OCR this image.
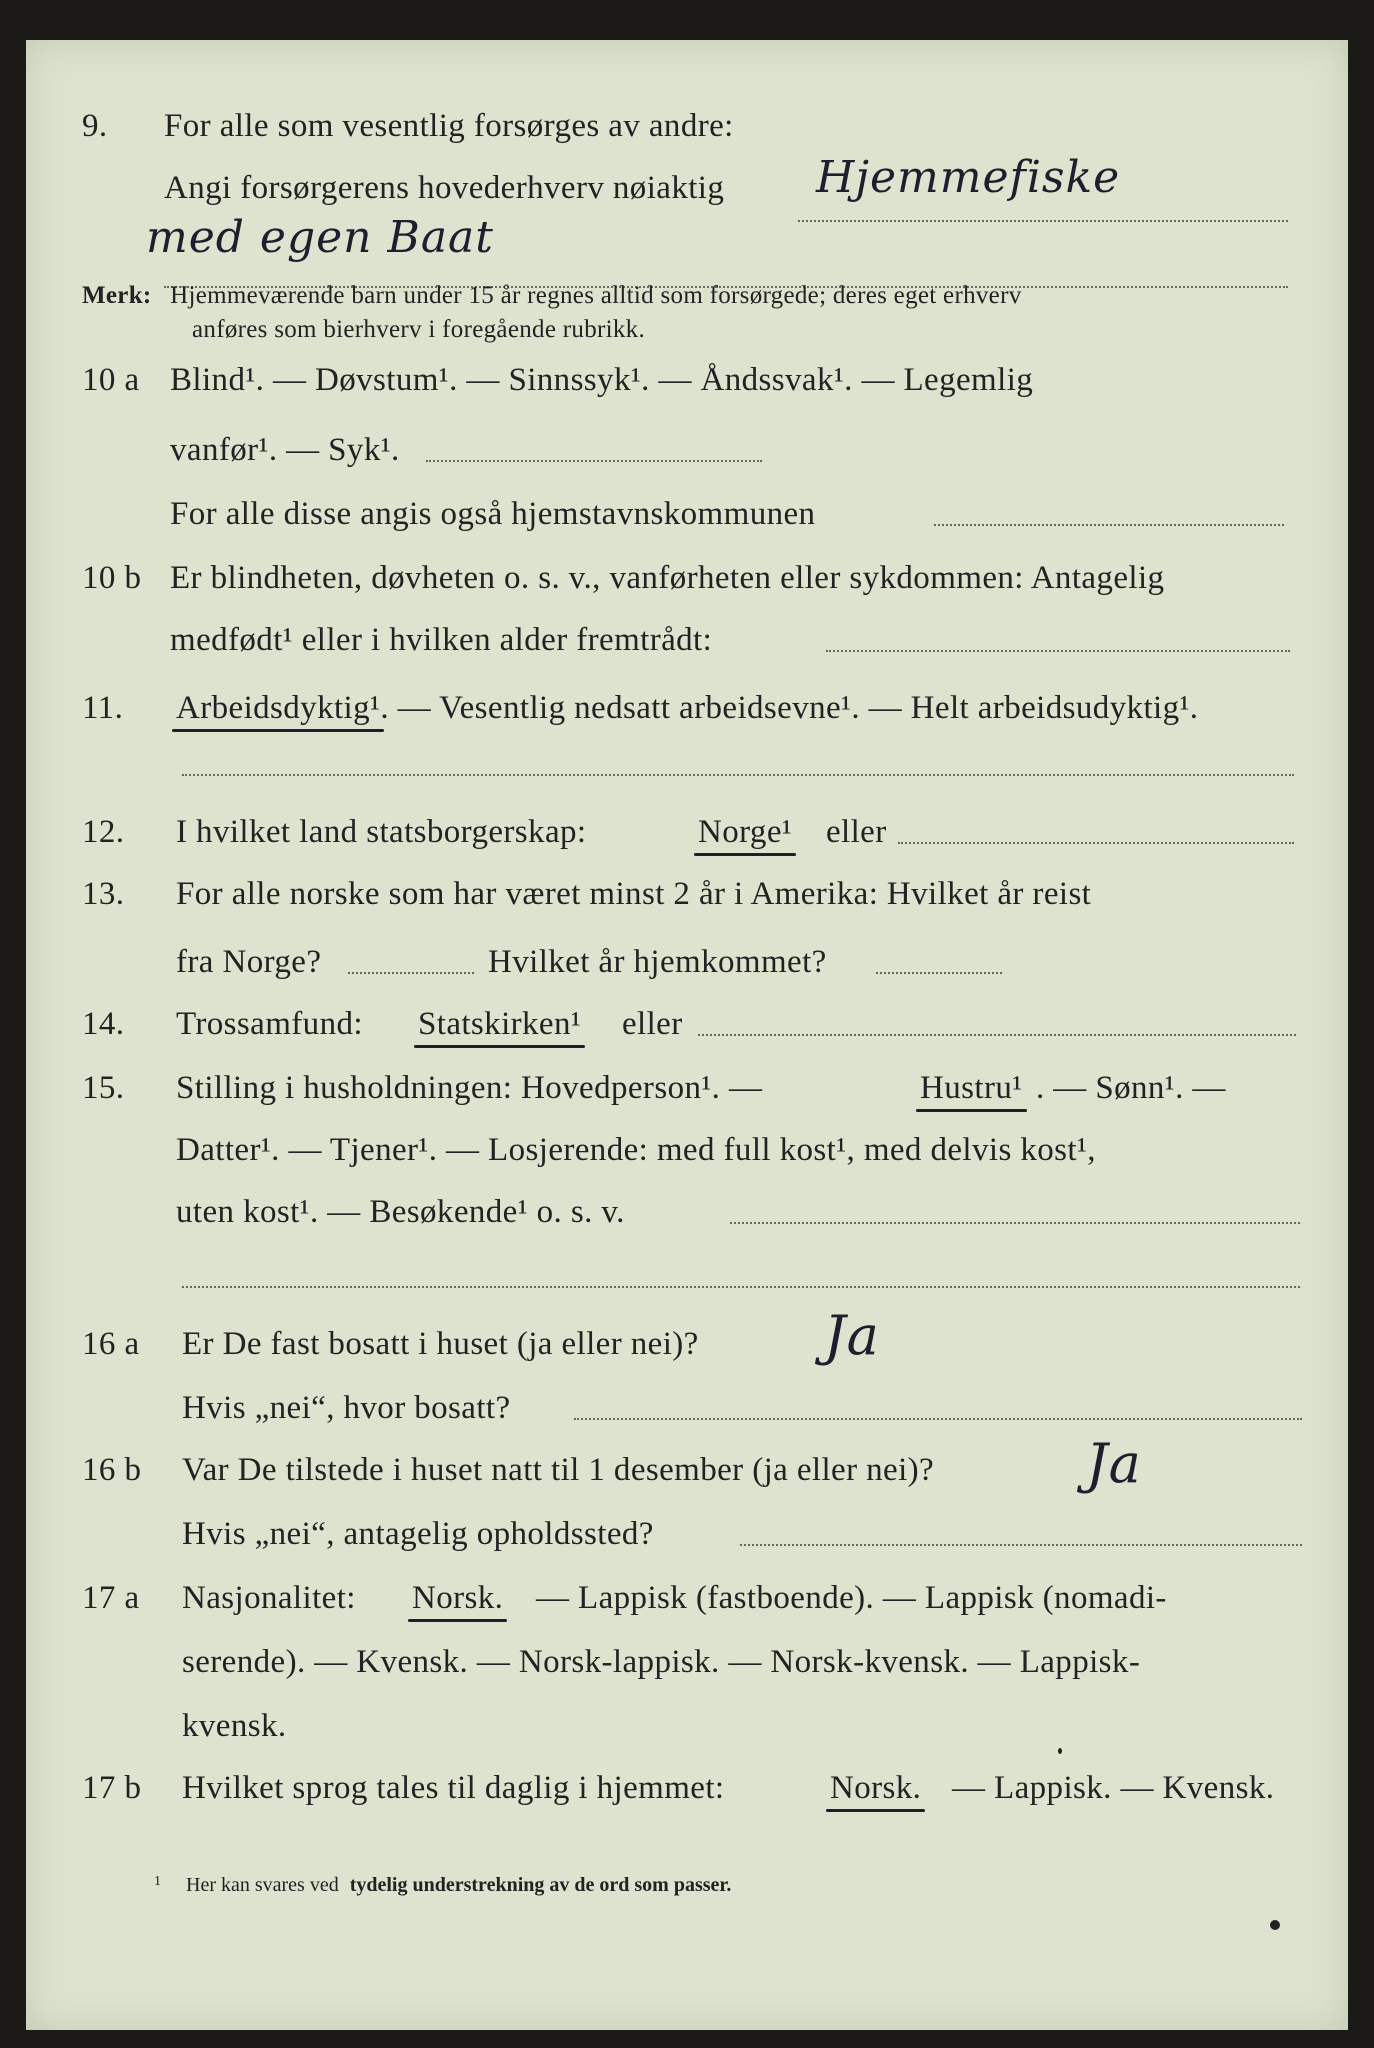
9. For alle som vesentlig forsørges av andre:
Angi forsørgerens hovederhverv nøiaktig Hjemmefiske
med egen Baat
Merk: Hjemmeværende barn under 15 år regnes alltid som forsørgede; deres eget erhverv
anføres som bierhverv i foregående rubrikk.
10 a Blind¹. — Døvstum¹. — Sinnssyk¹. — Åndssvak¹. — Legemlig
vanfør¹. — Syk¹.
For alle disse angis også hjemstavnskommunen
10 b Er blindheten, døvheten o. s. v., vanførheten eller sykdommen: Antagelig
medfødt¹ eller i hvilken alder fremtrådt:
11. Arbeidsdyktig¹. — Vesentlig nedsatt arbeidsevne¹. — Helt arbeidsudyktig¹.
12. I hvilket land statsborgerskap:	Norge¹ eller
13. For alle norske som har været minst 2 år i Amerika: Hvilket år reist
fra Norge?	Hvilket år hjemkommet?
14. Trossamfund: Statskirken¹ eller
15. Stilling i husholdningen: Hovedperson¹. —	Hustru¹ . — Sønn¹. —
Datter¹. — Tjener¹. — Losjerende: med full kost¹, med delvis kost¹,
uten kost¹. — Besøkende¹ o. s. v.
16 a Er De fast bosatt i huset (ja eller nei)? Ja
Hvis „nei“, hvor bosatt?
16 b Var De tilstede i huset natt til 1 desember (ja eller nei)?	Ja
Hvis „nei“, antagelig opholdssted?
17 a Nasjonalitet: Norsk. — Lappisk (fastboende). — Lappisk (nomadi-
serende). — Kvensk. — Norsk-lappisk. — Norsk-kvensk. — Lappisk-
kvensk.
17 b Hvilket sprog tales til daglig i hjemmet:	Norsk. — Lappisk. — Kvensk.
$^1$ Her kan svares ved tydelig understrekning av de ord som passer.
